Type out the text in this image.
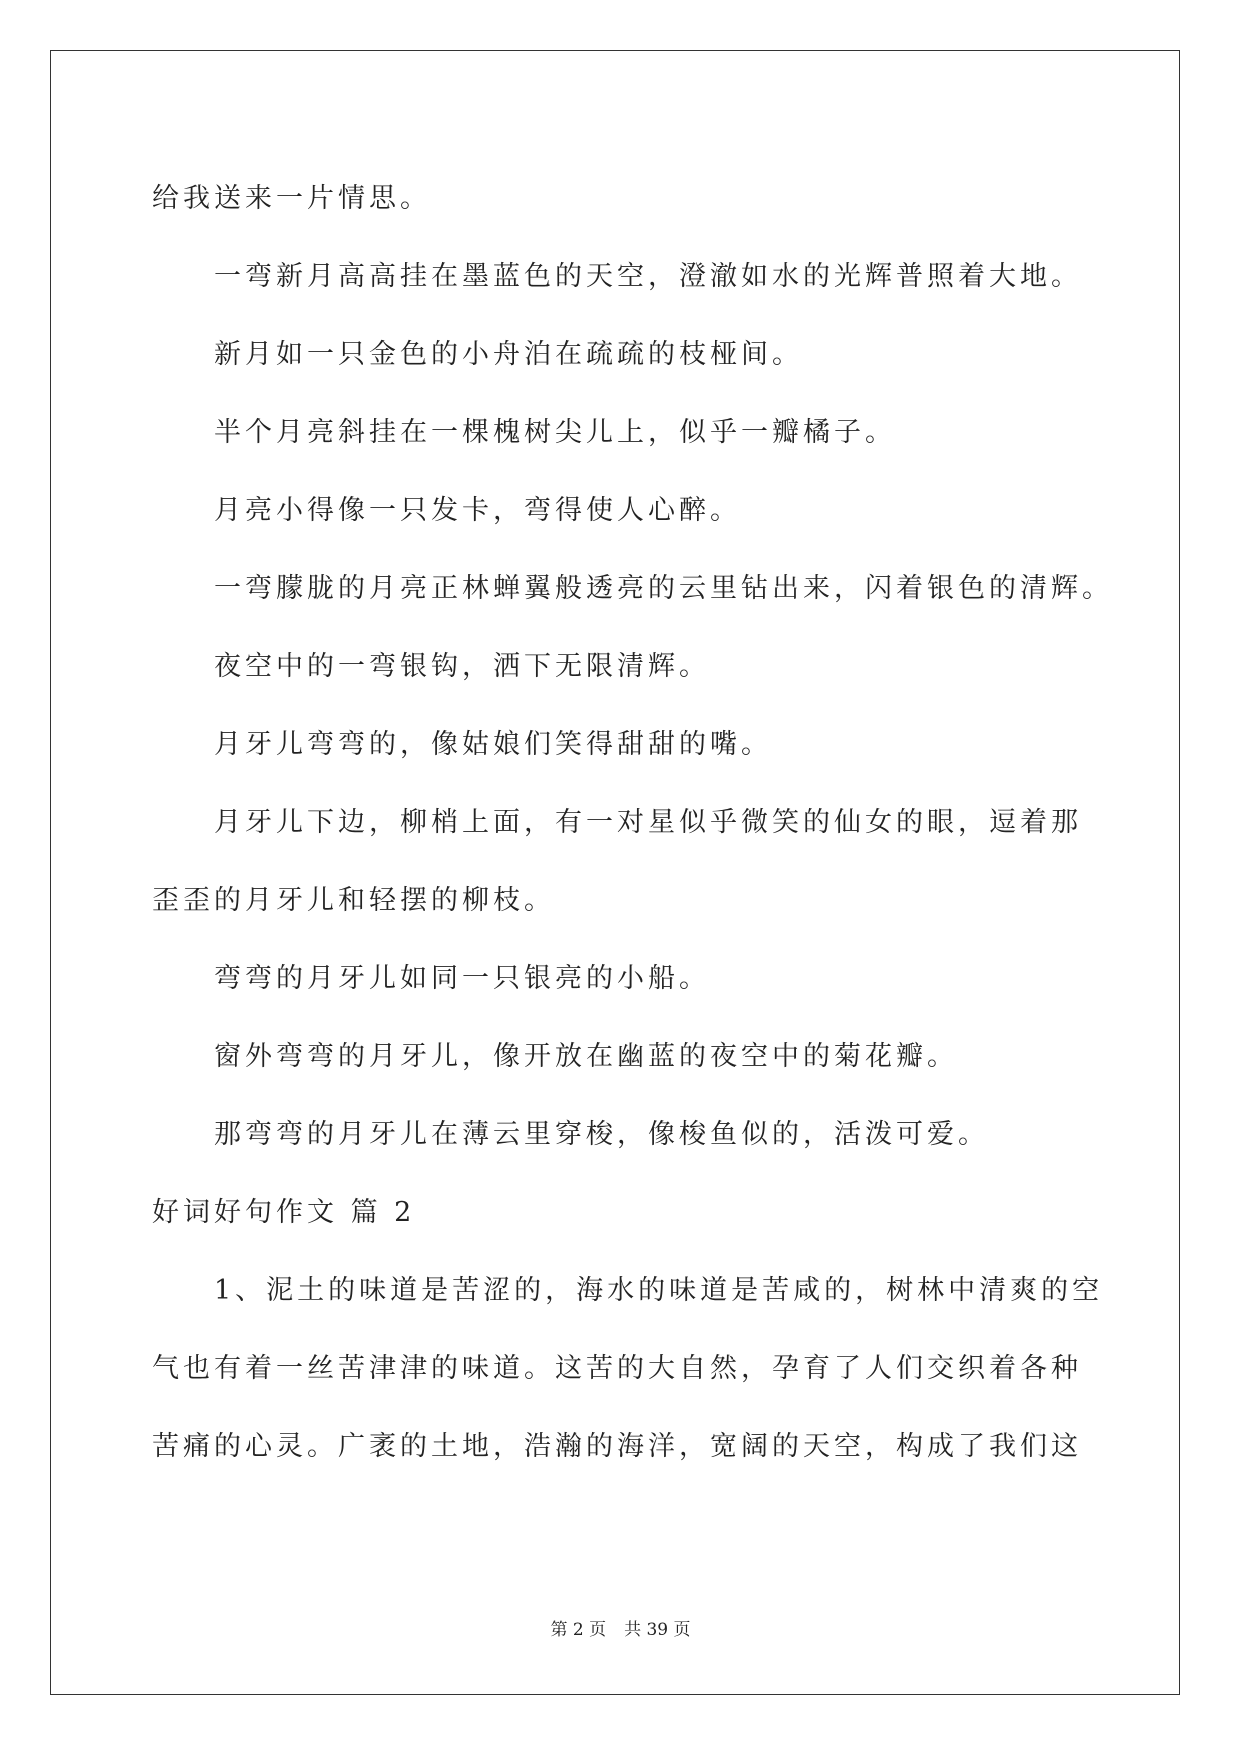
给我送来一片情思。

一弯新月高高挂在墨蓝色的天空，澄澈如水的光辉普照着大地。

新月如一只金色的小舟泊在疏疏的枝桠间。

半个月亮斜挂在一棵槐树尖儿上，似乎一瓣橘子。

月亮小得像一只发卡，弯得使人心醉。

一弯朦胧的月亮正林蝉翼般透亮的云里钻出来，闪着银色的清辉。

夜空中的一弯银钩，洒下无限清辉。

月牙儿弯弯的，像姑娘们笑得甜甜的嘴。

月牙儿下边，柳梢上面，有一对星似乎微笑的仙女的眼，逗着那

歪歪的月牙儿和轻摆的柳枝。

弯弯的月牙儿如同一只银亮的小船。

窗外弯弯的月牙儿，像开放在幽蓝的夜空中的菊花瓣。

那弯弯的月牙儿在薄云里穿梭，像梭鱼似的，活泼可爱。

好词好句作文 篇 2

1、泥土的味道是苦涩的，海水的味道是苦咸的，树林中清爽的空

气也有着一丝苦津津的味道。这苦的大自然，孕育了人们交织着各种

苦痛的心灵。广袤的土地，浩瀚的海洋，宽阔的天空，构成了我们这

第 2 页 共 39 页
